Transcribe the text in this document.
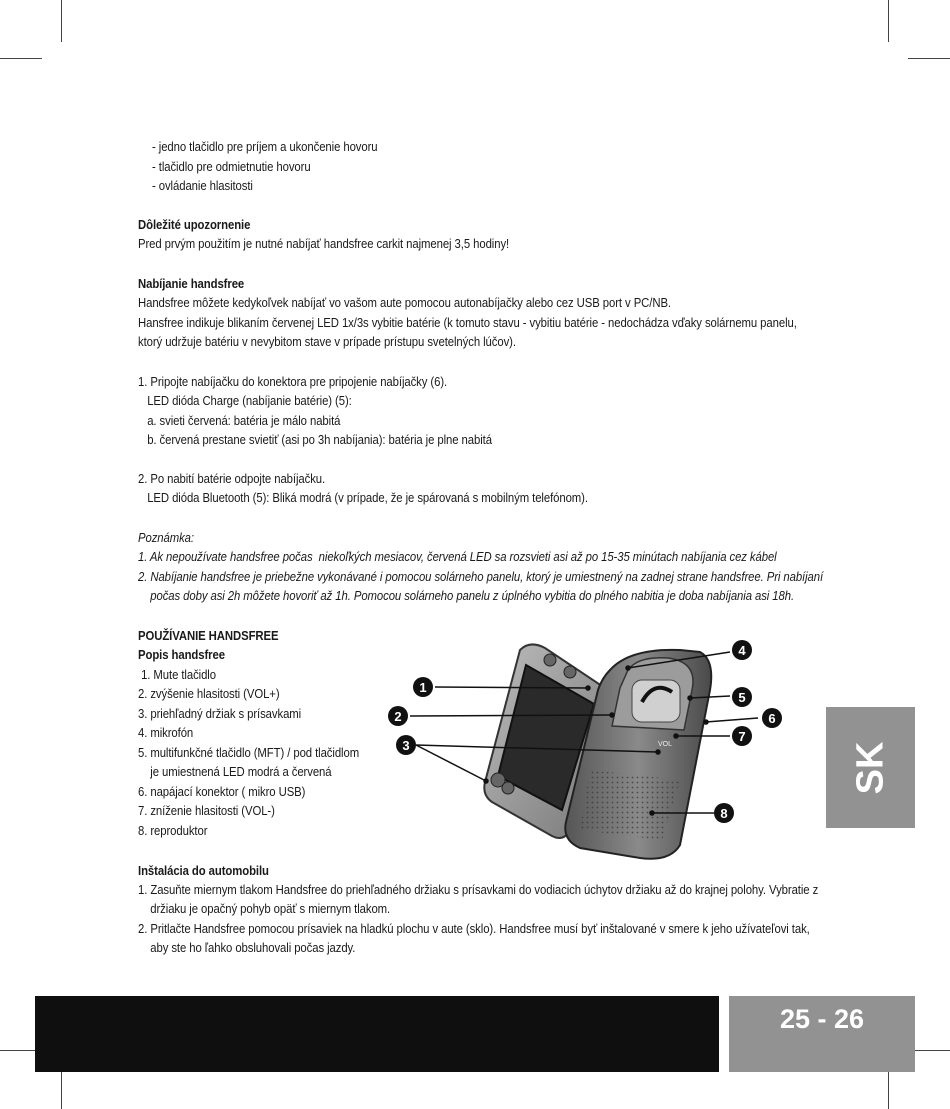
- jedno tlačidlo pre príjem a ukončenie hovoru
- tlačidlo pre odmietnutie hovoru
- ovládanie hlasitosti
Dôležité upozornenie
Pred prvým použitím je nutné nabíjať handsfree carkit najmenej 3,5 hodiny!
Nabíjanie handsfree
Handsfree môžete kedykoľvek nabíjať vo vašom aute pomocou autonabíjačky alebo cez USB port v PC/NB.
Hansfree indikuje blikaním červenej LED 1x/3s vybitie batérie (k tomuto stavu - vybitiu batérie - nedochádza vďaky solárnemu panelu,
ktorý udržuje batériu v nevybitom stave v prípade prístupu svetelných lúčov).
1. Pripojte nabíjačku do konektora pre pripojenie nabíjačky (6).
LED dióda Charge (nabíjanie batérie) (5):
a. svieti červená: batéria je málo nabitá
b. červená prestane svietiť (asi po 3h nabíjania): batéria je plne nabitá
2. Po nabití batérie odpojte nabíjačku.
LED dióda Bluetooth (5): Bliká modrá (v prípade, že je spárovaná s mobilným telefónom).
Poznámka:
1. Ak nepoužívate handsfree počas  niekoľkých mesiacov, červená LED sa rozsvieti asi až po 15-35 minútach nabíjania cez kábel
2. Nabíjanie handsfree je priebežne vykonávané i pomocou solárneho panelu, ktorý je umiestnený na zadnej strane handsfree. Pri nabíjaní
počas doby asi 2h môžete hovoriť až 1h. Pomocou solárneho panelu z úplného vybitia do plného nabitia je doba nabíjania asi 18h.
POUŽÍVANIE HANDSFREE
Popis handsfree
1. Mute tlačidlo
2. zvýšenie hlasitosti (VOL+)
3. priehľadný držiak s prísavkami
4. mikrofón
5. multifunkčné tlačidlo (MFT) / pod tlačidlom
je umiestnená LED modrá a červená
6. napájací konektor ( mikro USB)
7. zníženie hlasitosti (VOL-)
8. reproduktor
VOL
1
2
3
4
5
6
7
8
Inštalácia do automobilu
1. Zasuňte miernym tlakom Handsfree do priehľadného držiaku s prísavkami do vodiacich úchytov držiaku až do krajnej polohy. Vybratie z
držiaku je opačný pohyb opäť s miernym tlakom.
2. Pritlačte Handsfree pomocou prísaviek na hladkú plochu v aute (sklo). Handsfree musí byť inštalované v smere k jeho užívateľovi tak,
aby ste ho ľahko obsluhovali počas jazdy.
SK
25 - 26
